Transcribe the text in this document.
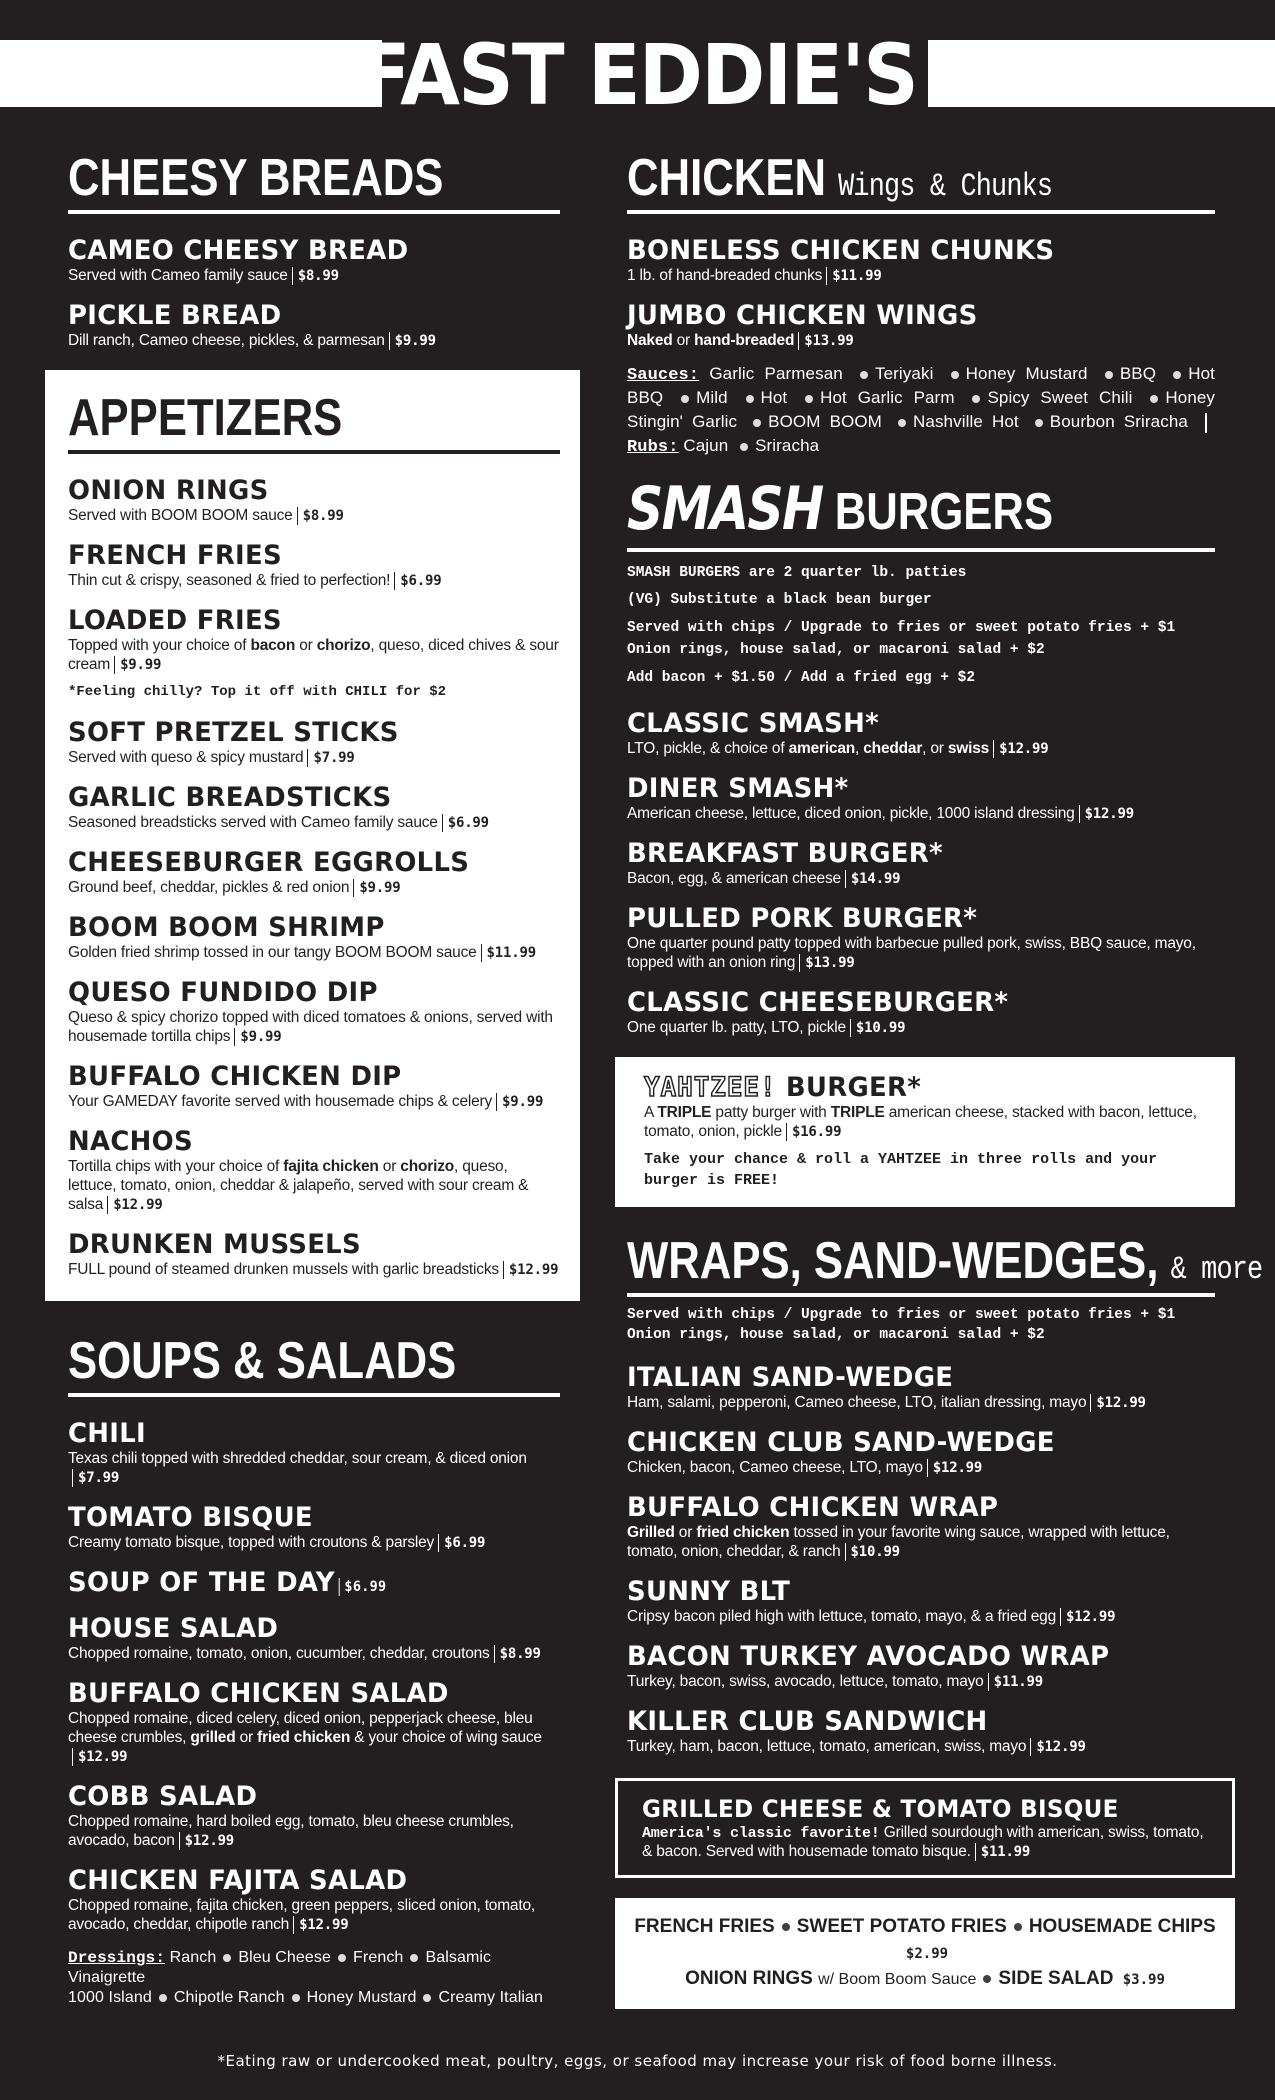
FAST EDDIE'S
CHEESY BREADS
CAMEO CHEESY BREAD
Served with Cameo family sauce $8.99
PICKLE BREAD
Dill ranch, Cameo cheese, pickles, & parmesan $9.99
APPETIZERS
ONION RINGS
Served with BOOM BOOM sauce $8.99
FRENCH FRIES
Thin cut & crispy, seasoned & fried to perfection! $6.99
LOADED FRIES
Topped with your choice of bacon or chorizo, queso, diced chives & sour cream $9.99
*Feeling chilly? Top it off with CHILI for $2
SOFT PRETZEL STICKS
Served with queso & spicy mustard $7.99
GARLIC BREADSTICKS
Seasoned breadsticks served with Cameo family sauce $6.99
CHEESEBURGER EGGROLLS
Ground beef, cheddar, pickles & red onion $9.99
BOOM BOOM SHRIMP
Golden fried shrimp tossed in our tangy BOOM BOOM sauce $11.99
QUESO FUNDIDO DIP
Queso & spicy chorizo topped with diced tomatoes & onions, served with housemade tortilla chips $9.99
BUFFALO CHICKEN DIP
Your GAMEDAY favorite served with housemade chips & celery $9.99
NACHOS
Tortilla chips with your choice of fajita chicken or chorizo, queso, lettuce, tomato, onion, cheddar & jalapeño, served with sour cream & salsa $12.99
DRUNKEN MUSSELS
FULL pound of steamed drunken mussels with garlic breadsticks $12.99
SOUPS & SALADS
CHILI
Texas chili topped with shredded cheddar, sour cream, & diced onion$7.99
TOMATO BISQUE
Creamy tomato bisque, topped with croutons & parsley $6.99
SOUP OF THE DAY $6.99
HOUSE SALAD
Chopped romaine, tomato, onion, cucumber, cheddar, croutons $8.99
BUFFALO CHICKEN SALAD
Chopped romaine, diced celery, diced onion, pepperjack cheese, bleu cheese crumbles, grilled or fried chicken & your choice of wing sauce$12.99
COBB SALAD
Chopped romaine, hard boiled egg, tomato, bleu cheese crumbles, avocado, bacon $12.99
CHICKEN FAJITA SALAD
Chopped romaine, fajita chicken, green peppers, sliced onion, tomato, avocado, cheddar, chipotle ranch $12.99
Dressings: Ranch Bleu Cheese French Balsamic Vinaigrette
1000 Island Chipotle Ranch Honey Mustard Creamy Italian
CHICKEN Wings & Chunks
BONELESS CHICKEN CHUNKS
1 lb. of hand-breaded chunks $11.99
JUMBO CHICKEN WINGS
Naked or hand-breaded $13.99
Sauces: Garlic Parmesan Teriyaki Honey Mustard BBQ Hot BBQ Mild Hot Hot Garlic Parm Spicy Sweet Chili Honey Stingin' Garlic BOOM BOOM Nashville Hot Bourbon Sriracha Rubs: Cajun Sriracha
SMASH BURGERS
SMASH BURGERS are 2 quarter lb. patties
(VG) Substitute a black bean burger
Served with chips / Upgrade to fries or sweet potato fries + $1
Onion rings, house salad, or macaroni salad + $2
Add bacon + $1.50 / Add a fried egg + $2
CLASSIC SMASH*
LTO, pickle, & choice of american, cheddar, or swiss $12.99
DINER SMASH*
American cheese, lettuce, diced onion, pickle, 1000 island dressing $12.99
BREAKFAST BURGER*
Bacon, egg, & american cheese $14.99
PULLED PORK BURGER*
One quarter pound patty topped with barbecue pulled pork, swiss, BBQ sauce, mayo, topped with an onion ring $13.99
CLASSIC CHEESEBURGER*
One quarter lb. patty, LTO, pickle $10.99
YAHTZEE! BURGER*
A TRIPLE patty burger with TRIPLE american cheese, stacked with bacon, lettuce, tomato, onion, pickle $16.99
Take your chance & roll a YAHTZEE in three rolls and your burger is FREE!
WRAPS, SAND-WEDGES, & more
Served with chips / Upgrade to fries or sweet potato fries + $1
Onion rings, house salad, or macaroni salad + $2
ITALIAN SAND-WEDGE
Ham, salami, pepperoni, Cameo cheese, LTO, italian dressing, mayo $12.99
CHICKEN CLUB SAND-WEDGE
Chicken, bacon, Cameo cheese, LTO, mayo $12.99
BUFFALO CHICKEN WRAP
Grilled or fried chicken tossed in your favorite wing sauce, wrapped with lettuce, tomato, onion, cheddar, & ranch $10.99
SUNNY BLT
Cripsy bacon piled high with lettuce, tomato, mayo, & a fried egg $12.99
BACON TURKEY AVOCADO WRAP
Turkey, bacon, swiss, avocado, lettuce, tomato, mayo $11.99
KILLER CLUB SANDWICH
Turkey, ham, bacon, lettuce, tomato, american, swiss, mayo $12.99
GRILLED CHEESE & TOMATO BISQUE
America's classic favorite! Grilled sourdough with american, swiss, tomato, & bacon. Served with housemade tomato bisque. $11.99
FRENCH FRIES SWEET POTATO FRIES HOUSEMADE CHIPS $2.99
ONION RINGS w/ Boom Boom Sauce SIDE SALAD $3.99
*Eating raw or undercooked meat, poultry, eggs, or seafood may increase your risk of food borne illness.
